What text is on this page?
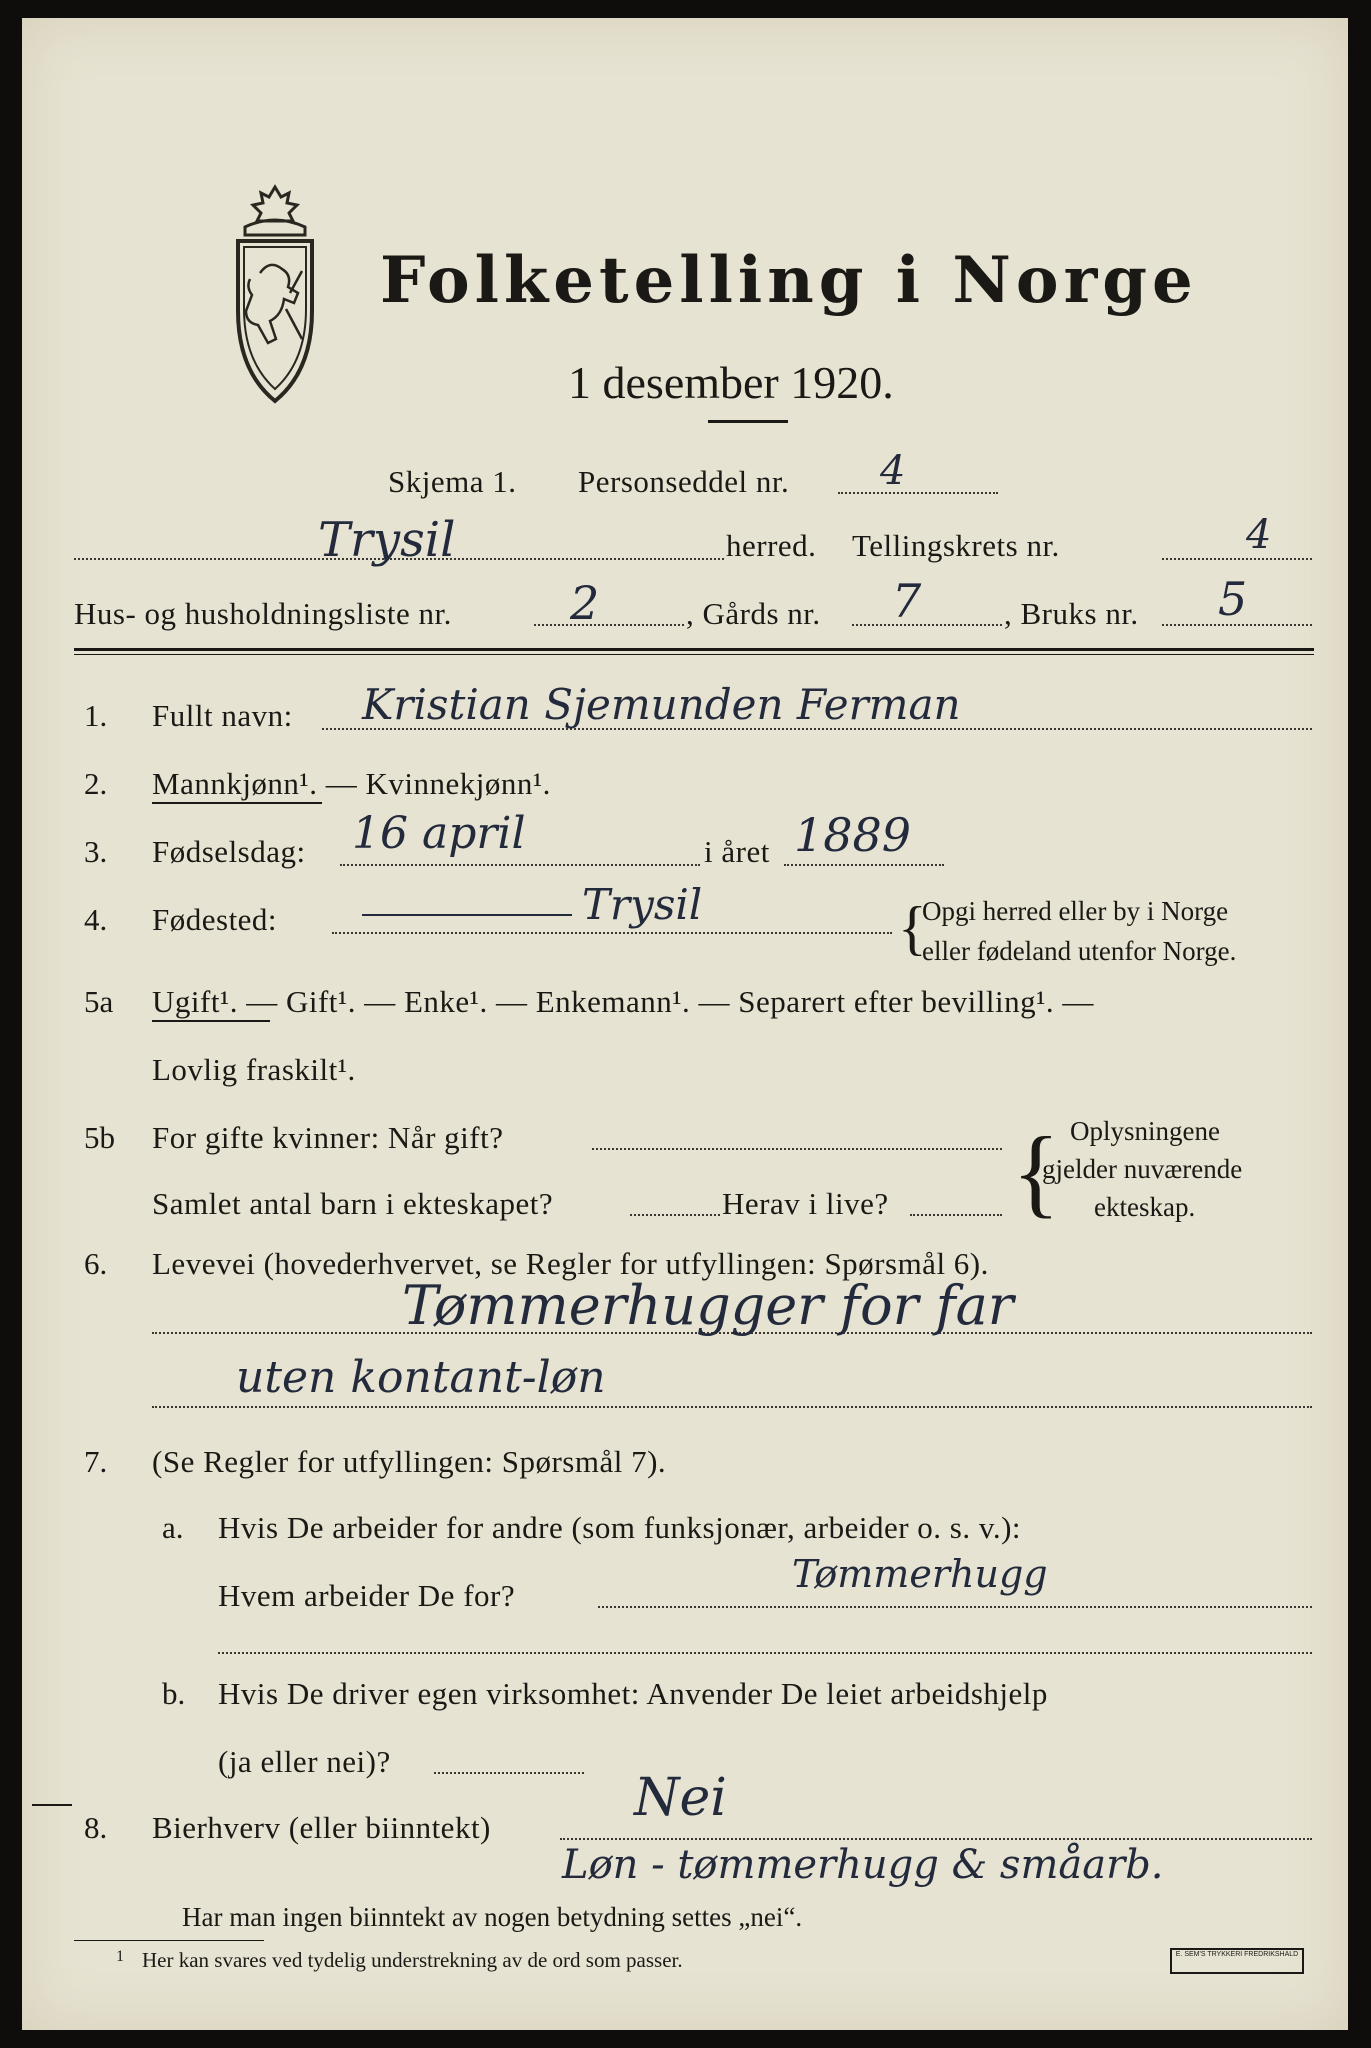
Folketelling i Norge
1 desember 1920.
Skjema 1. Personseddel nr. 4
Trysil	herred. Tellingskrets nr.	4
Hus- og husholdningsliste nr.	2	, Gårds nr. 7	, Bruks nr. 5
1. Fullt navn: Kristian Sjemunden Ferman
2. Mannkjønn¹. — Kvinnekjønn¹.
3. Fødselsdag: 16 april	i året 1889
4. Fødested:	Trysil	{
Opgi herred eller by i Norge
eller fødeland utenfor Norge.
5a Ugift¹. — Gift¹. — Enke¹. — Enkemann¹. — Separert efter bevilling¹. —
Lovlig fraskilt¹.
5b For gifte kvinner: Når gift?
Samlet antal barn i ekteskapet?	Herav i live? { Oplysningene
gjelder nuværende
ekteskap.
6. Levevei (hovederhvervet, se Regler for utfyllingen: Spørsmål 6).
Tømmerhugger for far
uten kontant-løn
7. (Se Regler for utfyllingen: Spørsmål 7).
a. Hvis De arbeider for andre (som funksjonær, arbeider o. s. v.):
Hvem arbeider De for?	Tømmerhugg
b. Hvis De driver egen virksomhet: Anvender De leiet arbeidshjelp
(ja eller nei)?
8. Bierhverv (eller biinntekt)	Nei
Løn - tømmerhugg & småarb.
Har man ingen biinntekt av nogen betydning settes „nei“.
1 Her kan svares ved tydelig understrekning av de ord som passer.	E. SEM'S TRYKKERI FREDRIKSHALD
